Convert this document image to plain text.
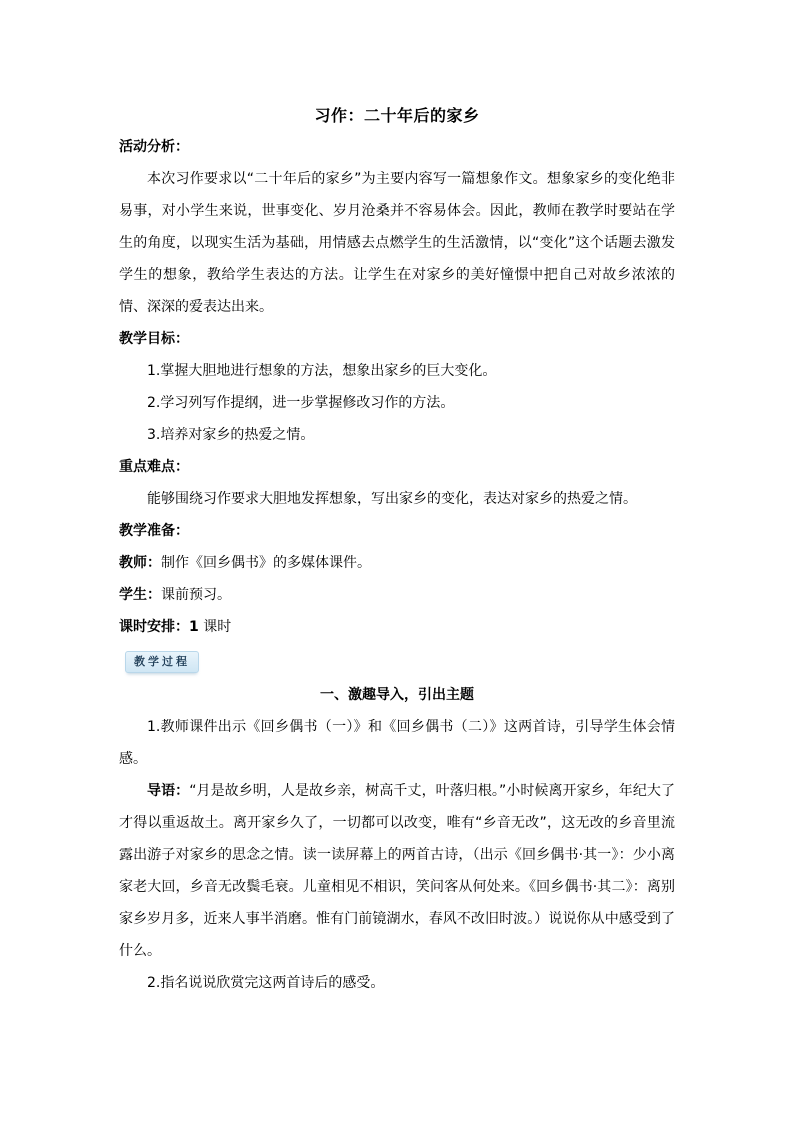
习作：二十年后的家乡
活动分析：

本次习作要求以“二十年后的家乡”为主要内容写一篇想象作文。想象家乡的变化绝非易事，对小学生来说，世事变化、岁月沧桑并不容易体会。因此，教师在教学时要站在学生的角度，以现实生活为基础，用情感去点燃学生的生活激情，以“变化”这个话题去激发学生的想象，教给学生表达的方法。让学生在对家乡的美好憧憬中把自己对故乡浓浓的情、深深的爱表达出来。

教学目标：

1.掌握大胆地进行想象的方法，想象出家乡的巨大变化。

2.学习列写作提纲，进一步掌握修改习作的方法。

3.培养对家乡的热爱之情。

重点难点：

能够围绕习作要求大胆地发挥想象，写出家乡的变化，表达对家乡的热爱之情。

教学准备：
教师：制作《回乡偶书》的多媒体课件。
学生：课前预习。
课时安排：1 课时
教学过程
一、激趣导入，引出主题

1.教师课件出示《回乡偶书（一）》和《回乡偶书（二）》这两首诗，引导学生体会情感。

导语：“月是故乡明，人是故乡亲，树高千丈，叶落归根。”小时候离开家乡，年纪大了才得以重返故土。离开家乡久了，一切都可以改变，唯有“乡音无改”，这无改的乡音里流露出游子对家乡的思念之情。读一读屏幕上的两首古诗，（出示《回乡偶书·其一》：少小离家老大回，乡音无改鬓毛衰。儿童相见不相识，笑问客从何处来。《回乡偶书·其二》：离别家乡岁月多，近来人事半消磨。惟有门前镜湖水，春风不改旧时波。）说说你从中感受到了什么。

2.指名说说欣赏完这两首诗后的感受。
